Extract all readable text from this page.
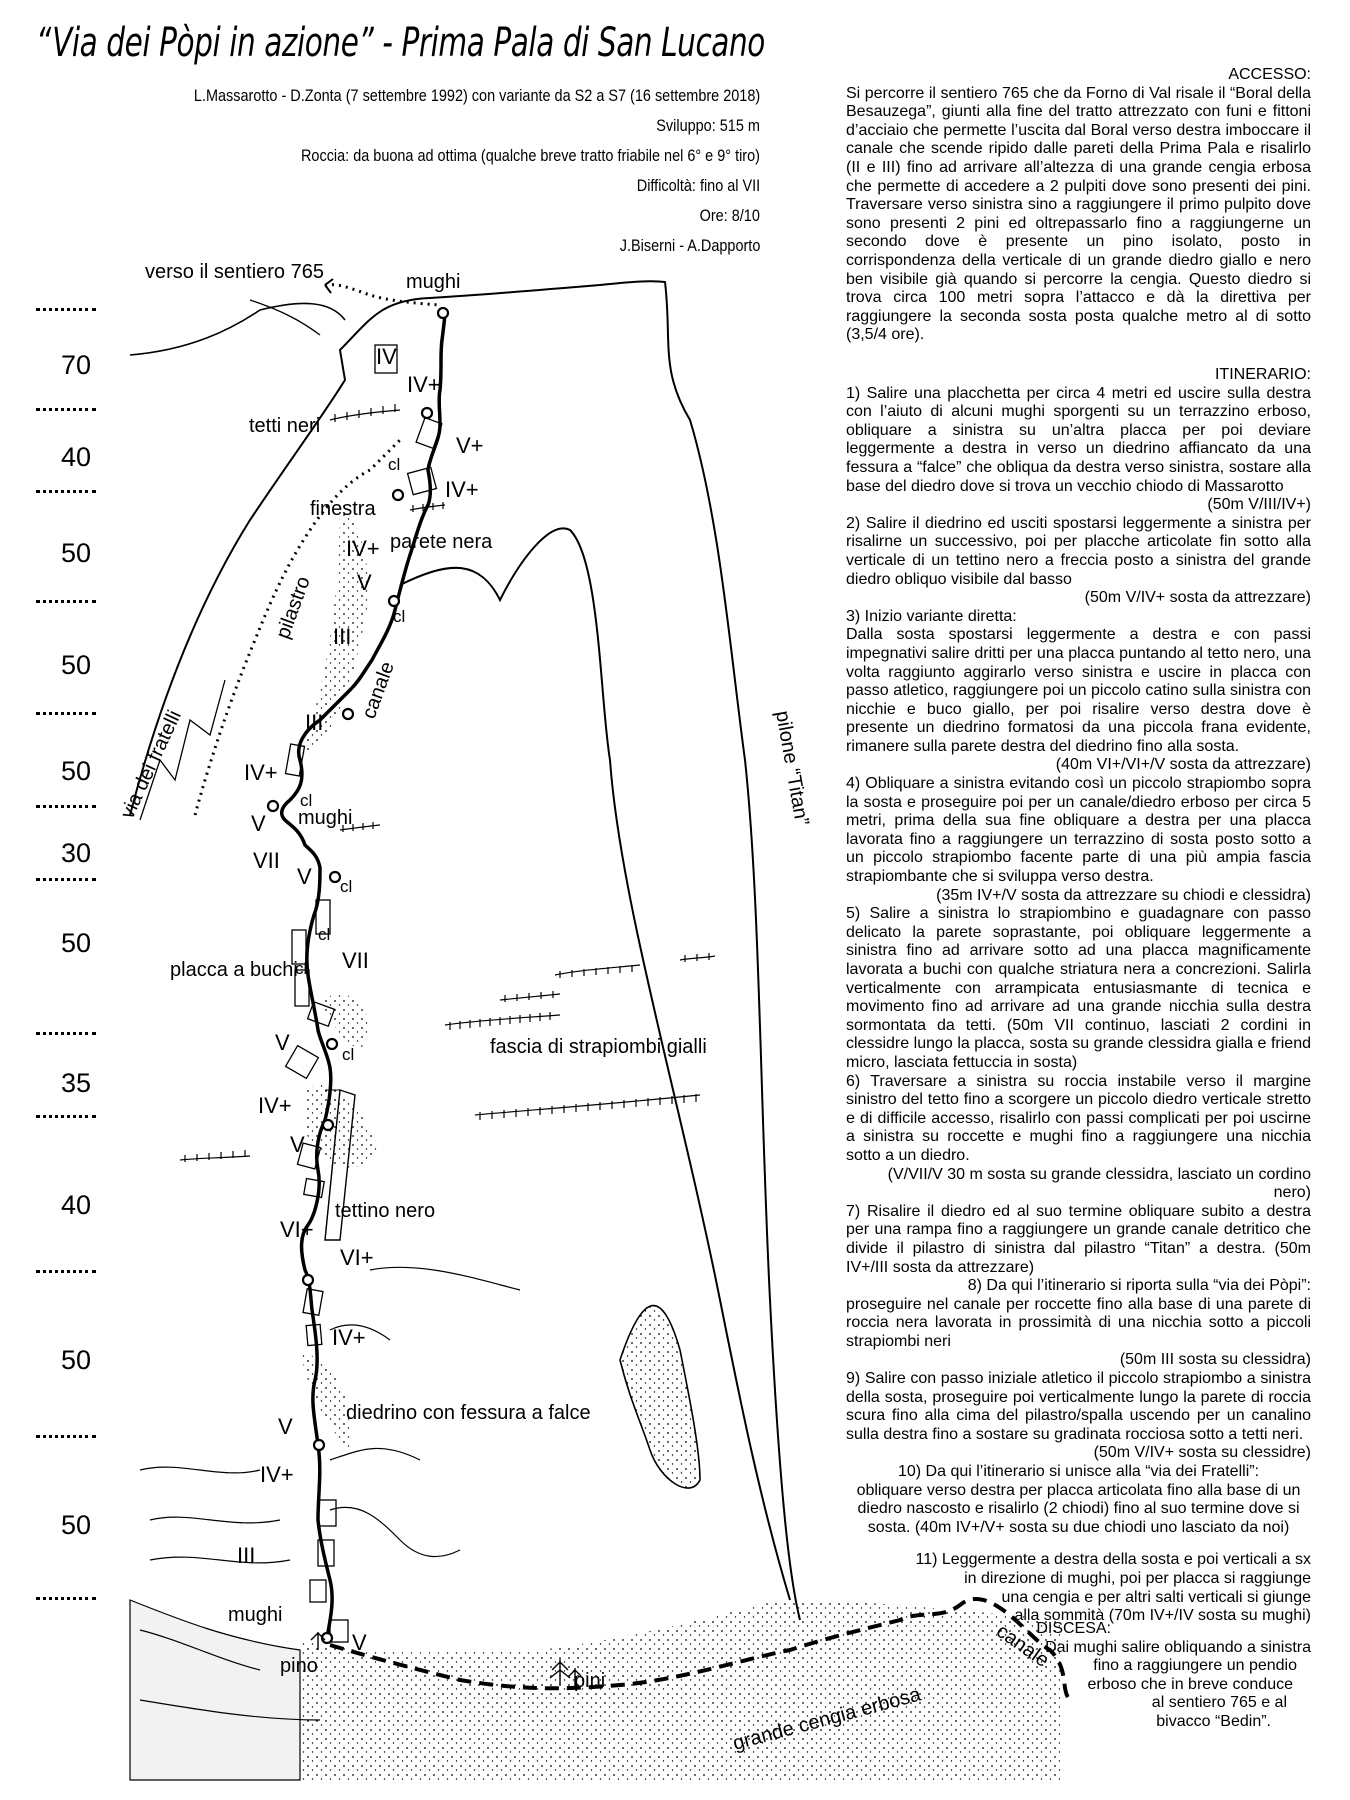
“Via dei Pòpi in azione” - Prima Pala di San Lucano
L.Massarotto - D.Zonta (7 settembre 1992) con variante da S2 a S7 (16 settembre 2018)
Sviluppo: 515 m
Roccia: da buona ad ottima (qualche breve tratto friabile nel 6° e 9° tiro)
Difficoltà: fino al VII
Ore: 8/10
J.Biserni - A.Dapporto
70
40
50
50
50
30
50
35
40
50
50
verso il sentiero 765	mughi
tetti neri
finestra
parete nera
pilastro
canale
via dei fratelli	mughi
placca a buchi
fascia di strapiombi gialli
tettino nero
diedrino con fessura a falce
mughi
pino
pini
grande cengia erbosa
canale
pilone “Titan”
cl
cl
cl
cl
cl
cl
cl
IV
IV+
V+
IV+
IV+
V
III
III
IV+
V
VII
V
VII
V
IV+
V
VI+
VI+
IV+
V
IV+
III
V

ACCESSO:

Si percorre il sentiero 765 che da Forno di Val risale il “Boral della Besauzega”, giunti alla fine del tratto attrezzato con funi e fittoni d’acciaio che permette l’uscita dal Boral verso destra imboccare il canale che scende ripido dalle pareti della Prima Pala e risalirlo (II e III) fino ad arrivare all’altezza di una grande cengia erbosa che permette di accedere a 2 pulpiti dove sono presenti dei pini. Traversare verso sinistra sino a raggiungere il primo pulpito dove sono presenti 2 pini ed oltrepassarlo fino a raggiungerne un secondo dove è presente un pino isolato, posto in corrispondenza della verticale di un grande diedro giallo e nero ben visibile già quando si percorre la cengia. Questo diedro si trova circa 100 metri sopra l’attacco e dà la direttiva per raggiungere la seconda sosta posta qualche metro al di sotto (3,5/4 ore).

ITINERARIO:

1) Salire una placchetta per circa 4 metri ed uscire sulla destra con l’aiuto di alcuni mughi sporgenti su un terrazzino erboso, obliquare a sinistra su un’altra placca per poi deviare leggermente a destra in verso un diedrino affiancato da una fessura a “falce” che obliqua da destra verso sinistra, sostare alla base del diedro dove si trova un vecchio chiodo di Massarotto

(50m V/III/IV+)

2) Salire il diedrino ed usciti spostarsi leggermente a sinistra per risalirne un successivo, poi per placche articolate fin sotto alla verticale di un tettino nero a freccia posto a sinistra del grande diedro obliquo visibile dal basso

(50m V/IV+ sosta da attrezzare)

3) Inizio variante diretta:

Dalla sosta spostarsi leggermente a destra e con passi impegnativi salire dritti per una placca puntando al tetto nero, una volta raggiunto aggirarlo verso sinistra e uscire in placca con passo atletico, raggiungere poi un piccolo catino sulla sinistra con nicchie e buco giallo, per poi risalire verso destra dove è presente un diedrino formatosi da una piccola frana evidente, rimanere sulla parete destra del diedrino fino alla sosta.

(40m VI+/VI+/V sosta da attrezzare)

4) Obliquare a sinistra evitando così un piccolo strapiombo sopra la sosta e proseguire poi per un canale/diedro erboso per circa 5 metri, prima della sua fine obliquare a destra per una placca lavorata fino a raggiungere un terrazzino di sosta posto sotto a un piccolo strapiombo facente parte di una più ampia fascia strapiombante che si sviluppa verso destra.

(35m IV+/V sosta da attrezzare su chiodi e clessidra)

5) Salire a sinistra lo strapiombino e guadagnare con passo delicato la parete soprastante, poi obliquare leggermente a sinistra fino ad arrivare sotto ad una placca magnificamente lavorata a buchi con qualche striatura nera a concrezioni. Salirla verticalmente con arrampicata entusiasmante di tecnica e movimento fino ad arrivare ad una grande nicchia sulla destra sormontata da tetti. (50m VII continuo, lasciati 2 cordini in clessidre lungo la placca, sosta su grande clessidra gialla e friend micro, lasciata fettuccia in sosta)

6) Traversare a sinistra su roccia instabile verso il margine sinistro del tetto fino a scorgere un piccolo diedro verticale stretto e di difficile accesso, risalirlo con passi complicati per poi uscirne a sinistra su roccette e mughi fino a raggiungere una nicchia sotto a un diedro.

(V/VII/V 30 m sosta su grande clessidra, lasciato un cordino nero)

7) Risalire il diedro ed al suo termine obliquare subito a destra per una rampa fino a raggiungere un grande canale detritico che divide il pilastro di sinistra dal pilastro “Titan” a destra. (50m IV+/III sosta da attrezzare)

8) Da qui l’itinerario si riporta sulla “via dei Pòpi”:

proseguire nel canale per roccette fino alla base di una parete di roccia nera lavorata in prossimità di una nicchia sotto a piccoli strapiombi neri

(50m III sosta su clessidra)

9) Salire con passo iniziale atletico il piccolo strapiombo a sinistra della sosta, proseguire poi verticalmente lungo la parete di roccia scura fino alla cima del pilastro/spalla uscendo per un canalino sulla destra fino a sostare su gradinata rocciosa sotto a tetti neri.

(50m V/IV+ sosta su clessidre)

10) Da qui l’itinerario si unisce alla “via dei Fratelli”:

obliquare verso destra per placca articolata fino alla base di un diedro nascosto e risalirlo (2 chiodi) fino al suo termine dove si sosta. (40m IV+/V+ sosta su due chiodi uno lasciato da noi)

11) Leggermente a destra della sosta e poi verticali a sx

in direzione di mughi, poi per placca si raggiunge

una cengia e per altri salti verticali si giunge

alla sommità (70m IV+/IV sosta su mughi)

DISCESA:

Dai mughi salire obliquando a sinistra

fino a raggiungere un pendio

erboso che in breve conduce

al sentiero 765 e al

bivacco “Bedin”.
